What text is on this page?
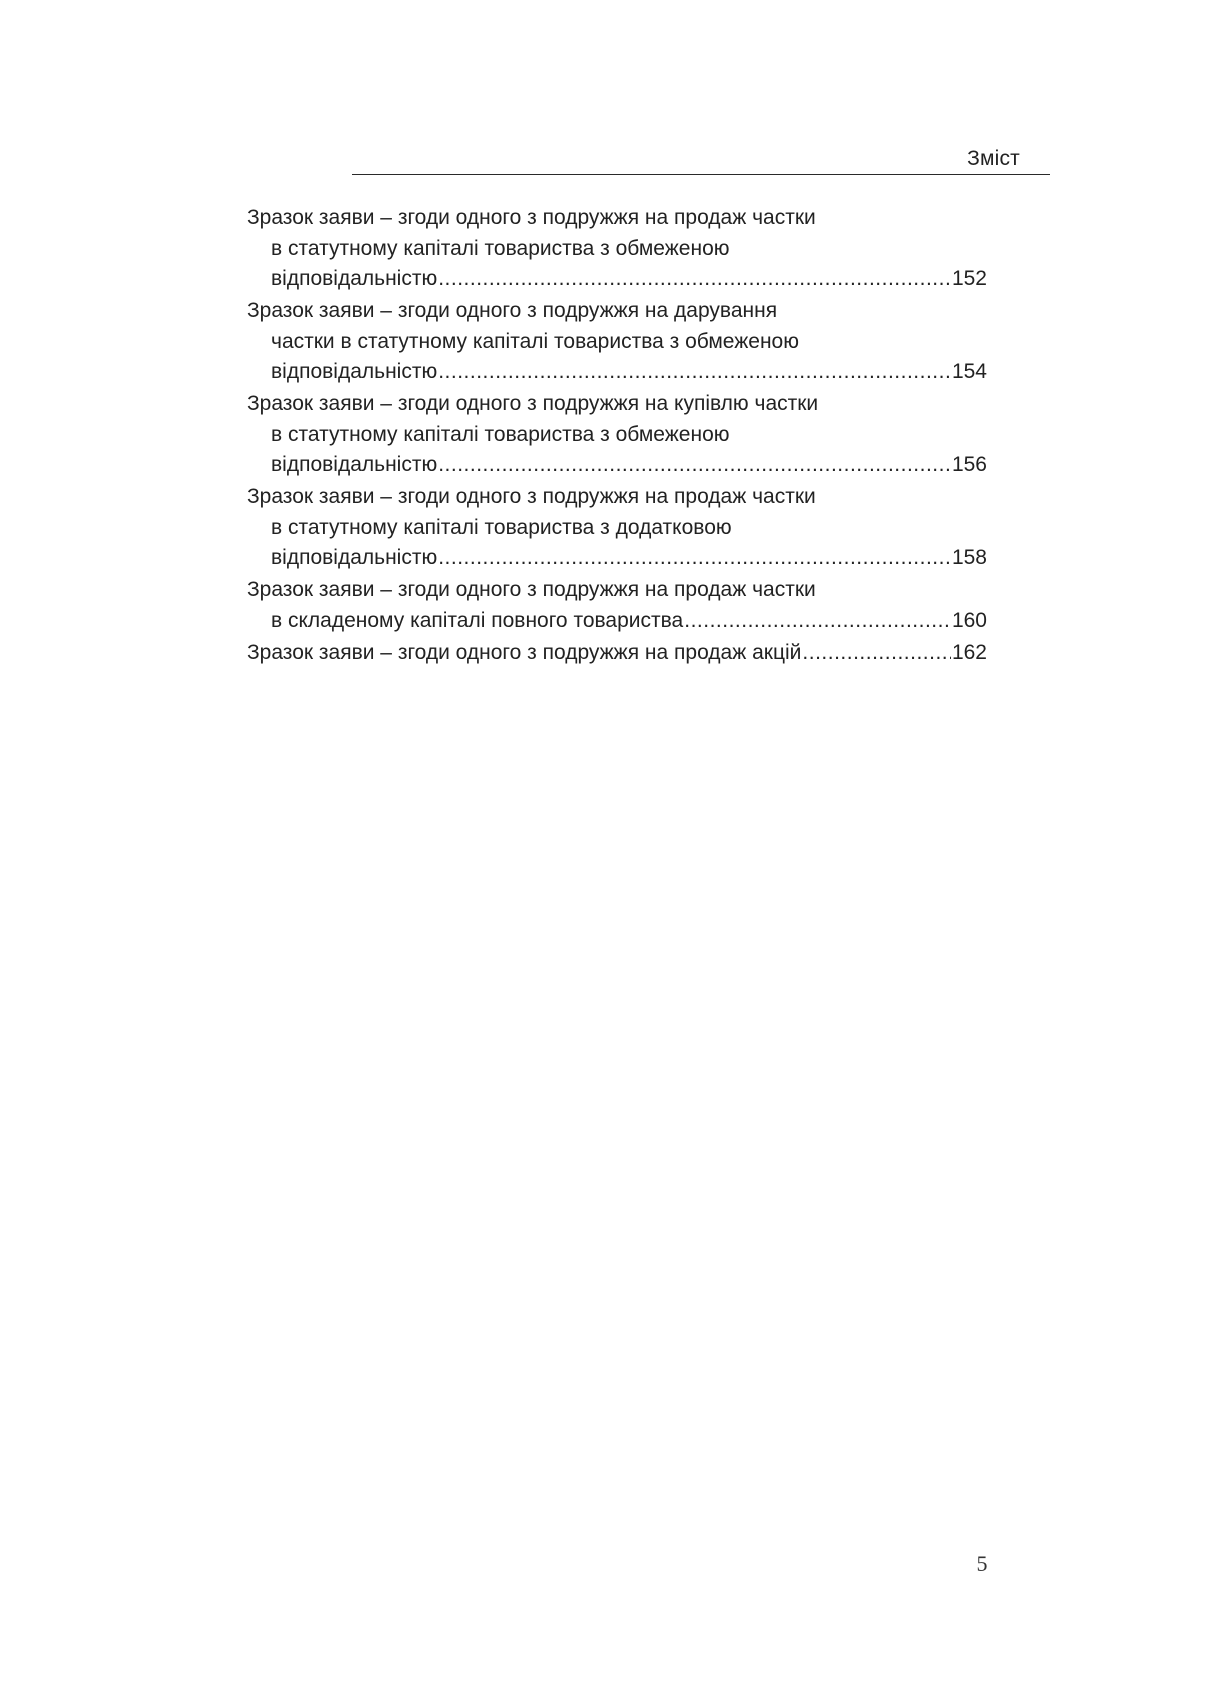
Зміст
Зразок заяви – згоди одного з подружжя на продаж частки
в статутному капіталі товариства з обмеженою
відповідальністю .....	152
Зразок заяви – згоди одного з подружжя на дарування
частки в статутному капіталі товариства з обмеженою
відповідальністю .....	154
Зразок заяви – згоди одного з подружжя на купівлю частки
в статутному капіталі товариства з обмеженою
відповідальністю .....	156
Зразок заяви – згоди одного з подружжя на продаж частки
в статутному капіталі товариства з додатковою
відповідальністю .....	158
Зразок заяви – згоди одного з подружжя на продаж частки
в складеному капіталі повного товариства .....	160
Зразок заяви – згоди одного з подружжя на продаж акцій .....	162
5
